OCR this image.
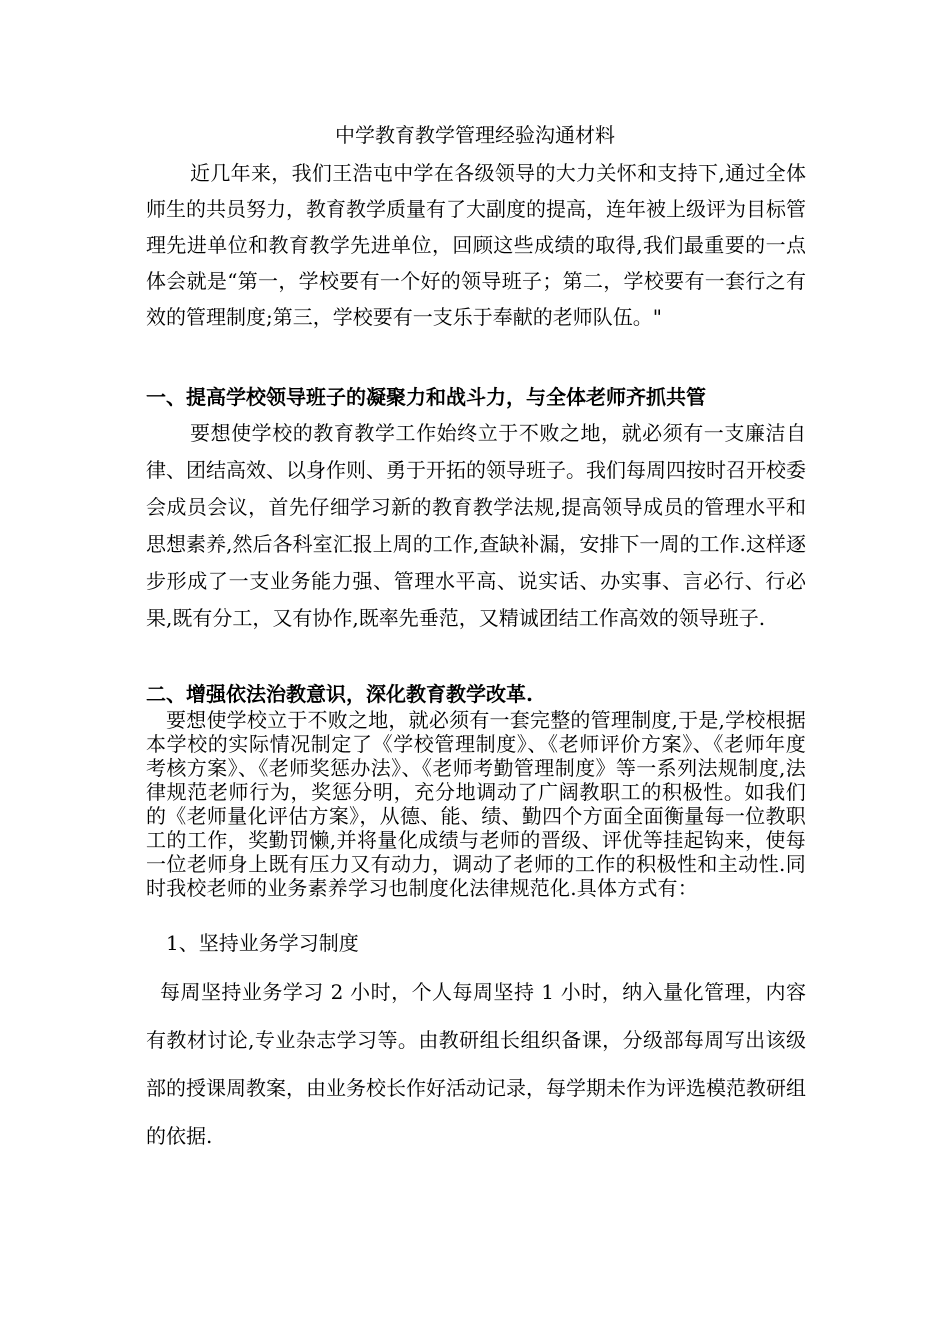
中学教育教学管理经验沟通材料

近几年来，我们王浩屯中学在各级领导的大力关怀和支持下,通过全体师生的共员努力，教育教学质量有了大副度的提高，连年被上级评为目标管理先进单位和教育教学先进单位，回顾这些成绩的取得,我们最重要的一点体会就是“第一，学校要有一个好的领导班子；第二，学校要有一套行之有效的管理制度;第三，学校要有一支乐于奉献的老师队伍。"

一、提高学校领导班子的凝聚力和战斗力，与全体老师齐抓共管

要想使学校的教育教学工作始终立于不败之地，就必须有一支廉洁自律、团结高效、以身作则、勇于开拓的领导班子。我们每周四按时召开校委会成员会议，首先仔细学习新的教育教学法规,提高领导成员的管理水平和思想素养,然后各科室汇报上周的工作,查缺补漏，安排下一周的工作.这样逐步形成了一支业务能力强、管理水平高、说实话、办实事、言必行、行必果,既有分工，又有协作,既率先垂范，又精诚团结工作高效的领导班子.

二、增强依法治教意识，深化教育教学改革.

要想使学校立于不败之地，就必须有一套完整的管理制度,于是,学校根据本学校的实际情况制定了《学校管理制度》、《老师评价方案》、《老师年度考核方案》、《老师奖惩办法》、《老师考勤管理制度》等一系列法规制度,法律规范老师行为，奖惩分明，充分地调动了广阔教职工的积极性。如我们的《老师量化评估方案》，从德、能、绩、勤四个方面全面衡量每一位教职工的工作，奖勤罚懒,并将量化成绩与老师的晋级、评优等挂起钩来，使每一位老师身上既有压力又有动力，调动了老师的工作的积极性和主动性.同时我校老师的业务素养学习也制度化法律规范化.具体方式有：

1、坚持业务学习制度

每周坚持业务学习 2 小时，个人每周坚持 1 小时，纳入量化管理，内容有教材讨论,专业杂志学习等。由教研组长组织备课，分级部每周写出该级部的授课周教案，由业务校长作好活动记录，每学期未作为评选模范教研组的依据.
